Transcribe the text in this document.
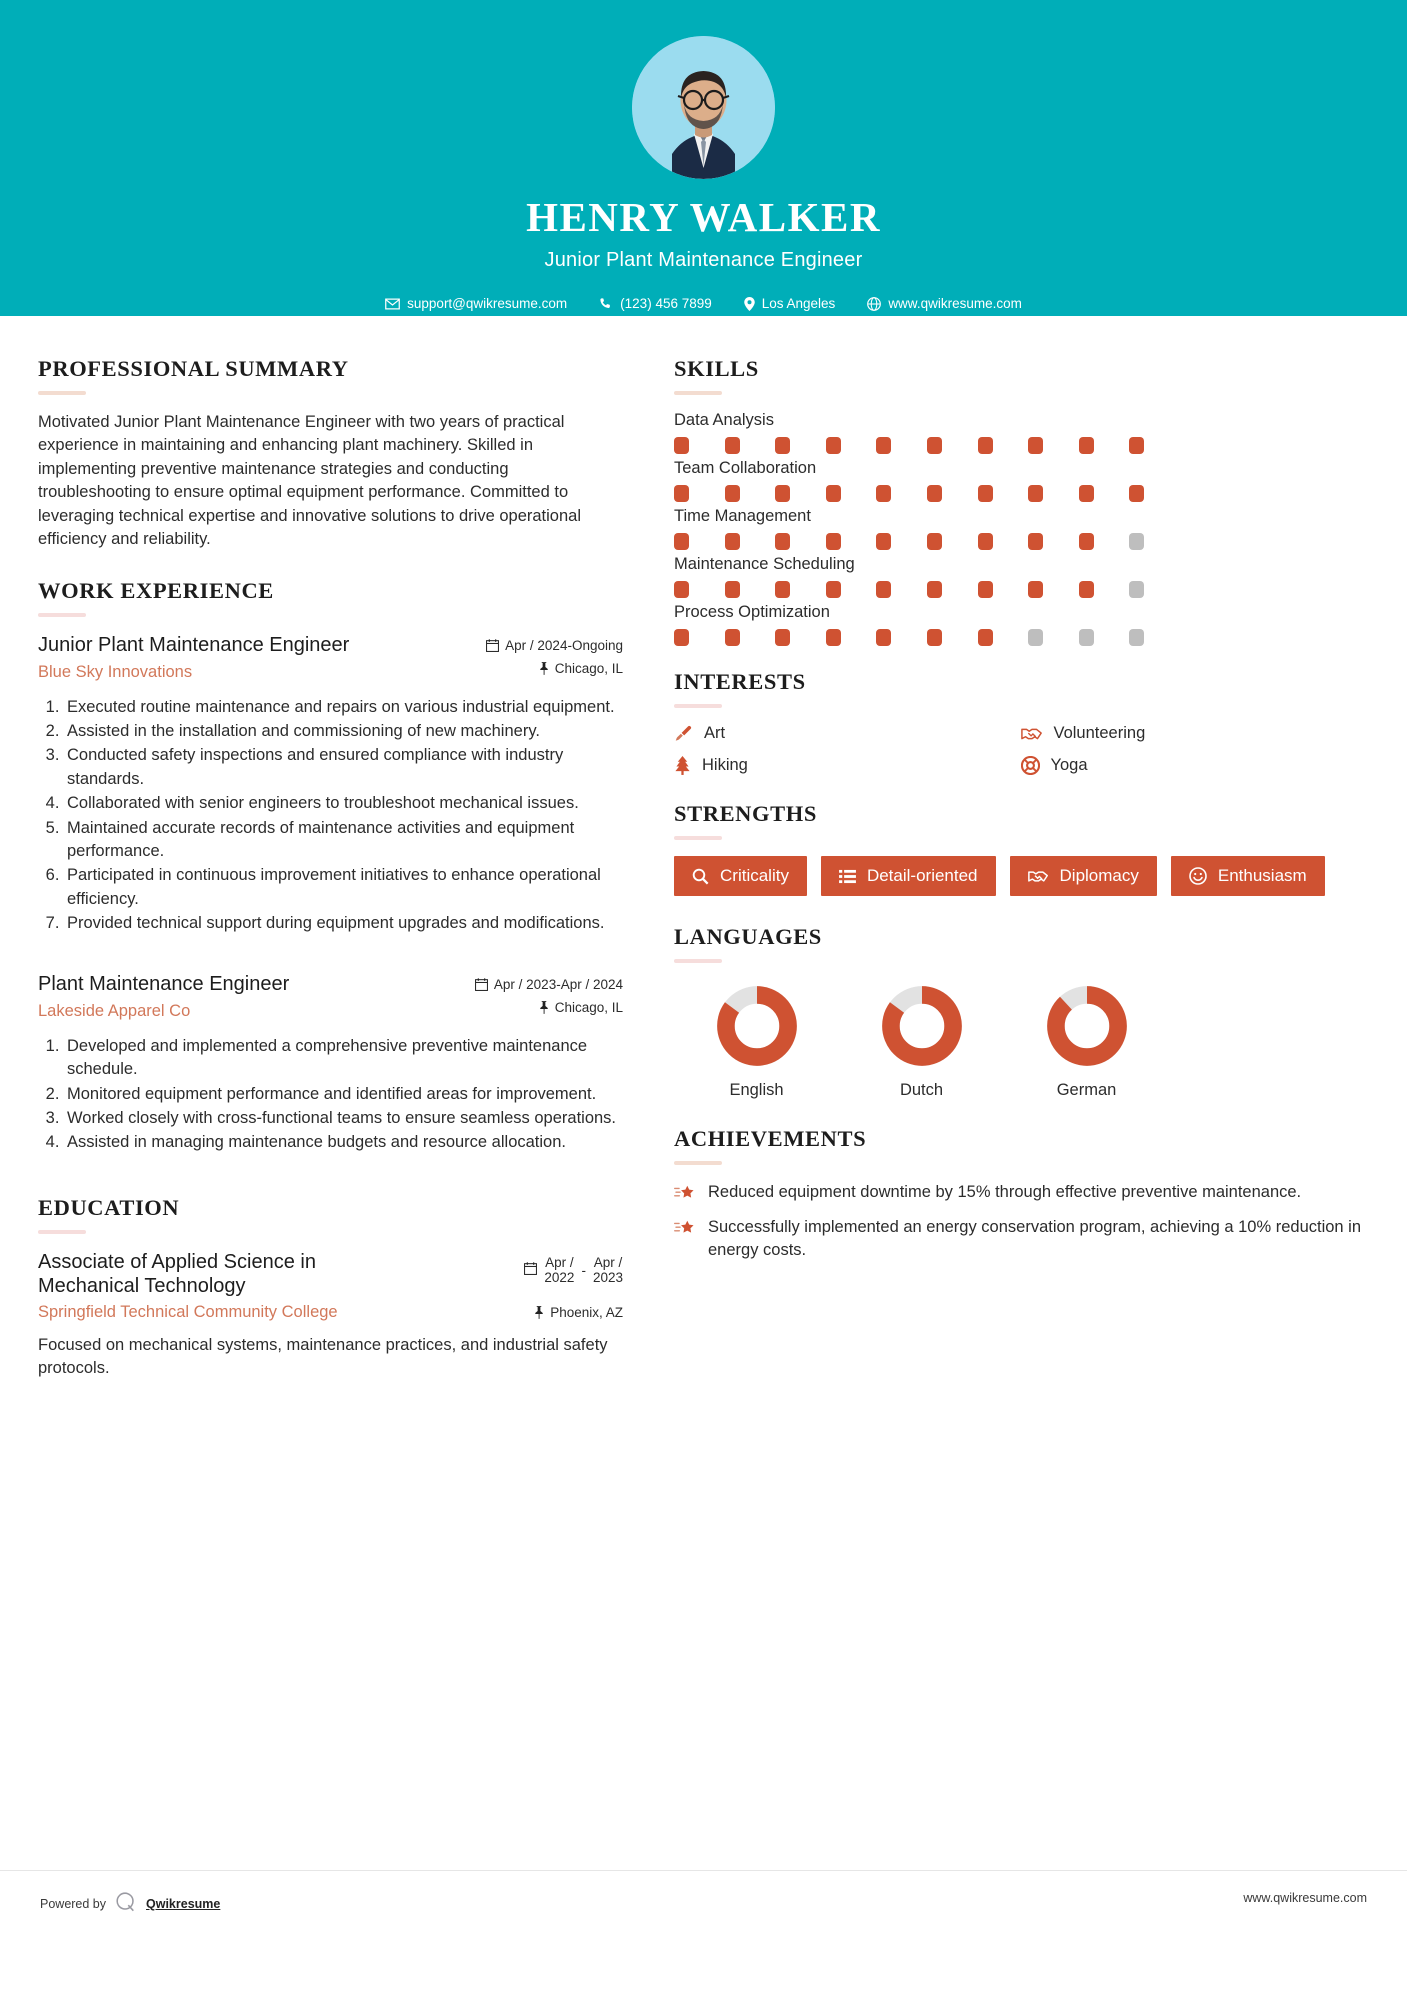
HENRY WALKER
Junior Plant Maintenance Engineer
support@qwikresume.com	(123) 456 7899	Los Angeles	www.qwikresume.com
PROFESSIONAL SUMMARY
Motivated Junior Plant Maintenance Engineer with two years of practical experience in maintaining and enhancing plant machinery. Skilled in implementing preventive maintenance strategies and conducting troubleshooting to ensure optimal equipment performance. Committed to leveraging technical expertise and innovative solutions to drive operational efficiency and reliability.
WORK EXPERIENCE
Junior Plant Maintenance Engineer
Blue Sky Innovations
Apr / 2024-Ongoing
Chicago, IL
1. Executed routine maintenance and repairs on various industrial equipment.
2. Assisted in the installation and commissioning of new machinery.
3. Conducted safety inspections and ensured compliance with industry standards.
4. Collaborated with senior engineers to troubleshoot mechanical issues.
5. Maintained accurate records of maintenance activities and equipment performance.
6. Participated in continuous improvement initiatives to enhance operational efficiency.
7. Provided technical support during equipment upgrades and modifications.
Plant Maintenance Engineer
Lakeside Apparel Co
Apr / 2023-Apr / 2024
Chicago, IL
1. Developed and implemented a comprehensive preventive maintenance schedule.
2. Monitored equipment performance and identified areas for improvement.
3. Worked closely with cross-functional teams to ensure seamless operations.
4. Assisted in managing maintenance budgets and resource allocation.
EDUCATION
Associate of Applied Science in Mechanical Technology
Apr /
2022
-
Apr /
2023
Springfield Technical Community College	Phoenix, AZ
Focused on mechanical systems, maintenance practices, and industrial safety protocols.
SKILLS
Data Analysis
Team Collaboration
Time Management
Maintenance Scheduling
Process Optimization
INTERESTS
Art	Volunteering
Hiking	Yoga
STRENGTHS
Criticality	Detail-oriented	Diplomacy	Enthusiasm
LANGUAGES
English	Dutch	German
ACHIEVEMENTS
Reduced equipment downtime by 15% through effective preventive maintenance.
Successfully implemented an energy conservation program, achieving a 10% reduction in energy costs.
Powered by	Qwikresume	www.qwikresume.com
